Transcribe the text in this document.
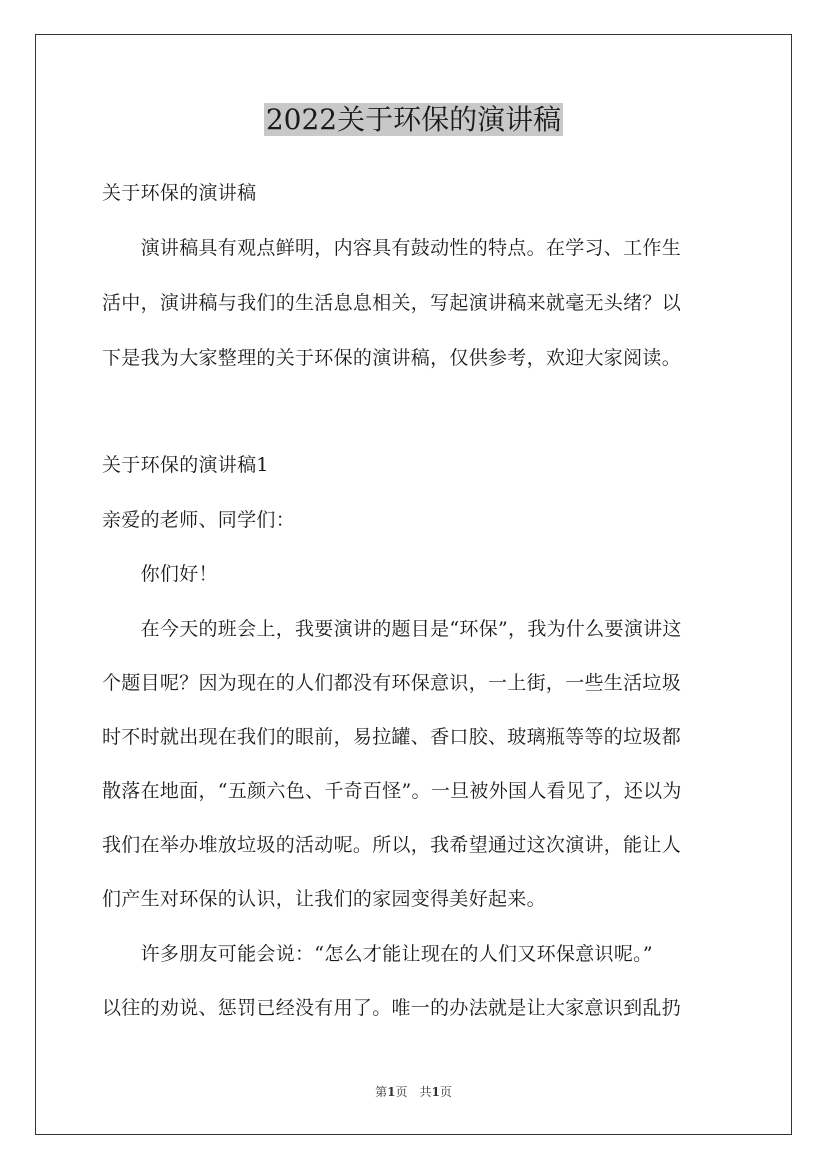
2022关于环保的演讲稿
关于环保的演讲稿
　　演讲稿具有观点鲜明，内容具有鼓动性的特点。在学习、工作生
活中，演讲稿与我们的生活息息相关，写起演讲稿来就毫无头绪？以
下是我为大家整理的关于环保的演讲稿，仅供参考，欢迎大家阅读。
关于环保的演讲稿1
亲爱的老师、同学们：
　　你们好！
　　在今天的班会上，我要演讲的题目是“环保”，我为什么要演讲这
个题目呢？因为现在的人们都没有环保意识，一上街，一些生活垃圾
时不时就出现在我们的眼前，易拉罐、香口胶、玻璃瓶等等的垃圾都
散落在地面，“五颜六色、千奇百怪”。一旦被外国人看见了，还以为
我们在举办堆放垃圾的活动呢。所以，我希望通过这次演讲，能让人
们产生对环保的认识，让我们的家园变得美好起来。
　　许多朋友可能会说：“怎么才能让现在的人们又环保意识呢。”
以往的劝说、惩罚已经没有用了。唯一的办法就是让大家意识到乱扔
第1页　共1页
